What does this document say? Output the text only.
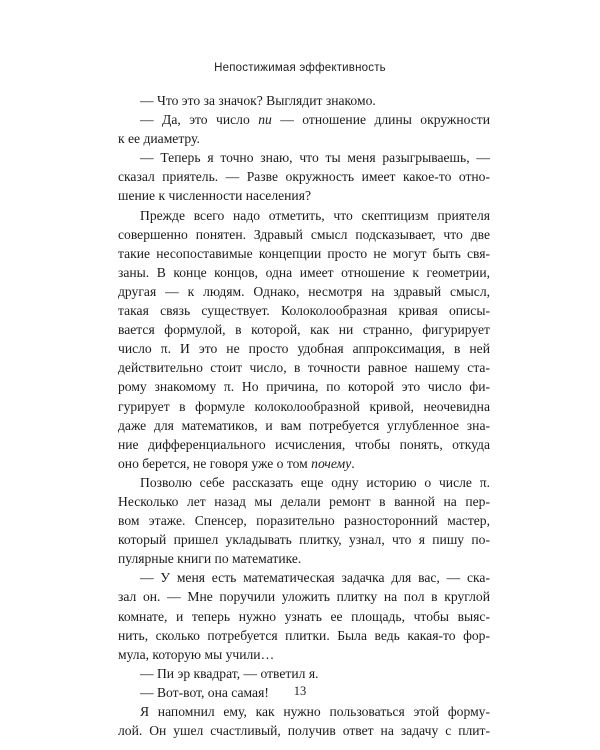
Непостижимая эффективность
— Что это за значок? Выглядит знакомо.
— Да, это число пи — отношение длины окружности
к ее диаметру.
— Теперь я точно знаю, что ты меня разыгрываешь, —
сказал приятель. — Разве окружность имеет какое-то отно-
шение к численности населения?
Прежде всего надо отметить, что скептицизм приятеля
совершенно понятен. Здравый смысл подсказывает, что две
такие несопоставимые концепции просто не могут быть свя-
заны. В конце концов, одна имеет отношение к геометрии,
другая — к людям. Однако, несмотря на здравый смысл,
такая связь существует. Колоколообразная кривая описы-
вается формулой, в которой, как ни странно, фигурирует
число π. И это не просто удобная аппроксимация, в ней
действительно стоит число, в точности равное нашему ста-
рому знакомому π. Но причина, по которой это число фи-
гурирует в формуле колоколообразной кривой, неочевидна
даже для математиков, и вам потребуется углубленное зна-
ние дифференциального исчисления, чтобы понять, откуда
оно берется, не говоря уже о том почему.
Позволю себе рассказать еще одну историю о числе π.
Несколько лет назад мы делали ремонт в ванной на пер-
вом этаже. Спенсер, поразительно разносторонний мастер,
который пришел укладывать плитку, узнал, что я пишу по-
пулярные книги по математике.
— У меня есть математическая задачка для вас, — ска-
зал он. — Мне поручили уложить плитку на пол в круглой
комнате, и теперь нужно узнать ее площадь, чтобы выяс-
нить, сколько потребуется плитки. Была ведь какая-то фор-
мула, которую мы учили…
— Пи эр квадрат, — ответил я.
— Вот-вот, она самая!
Я напомнил ему, как нужно пользоваться этой форму-
лой. Он ушел счастливый, получив ответ на задачу с плит-
13
